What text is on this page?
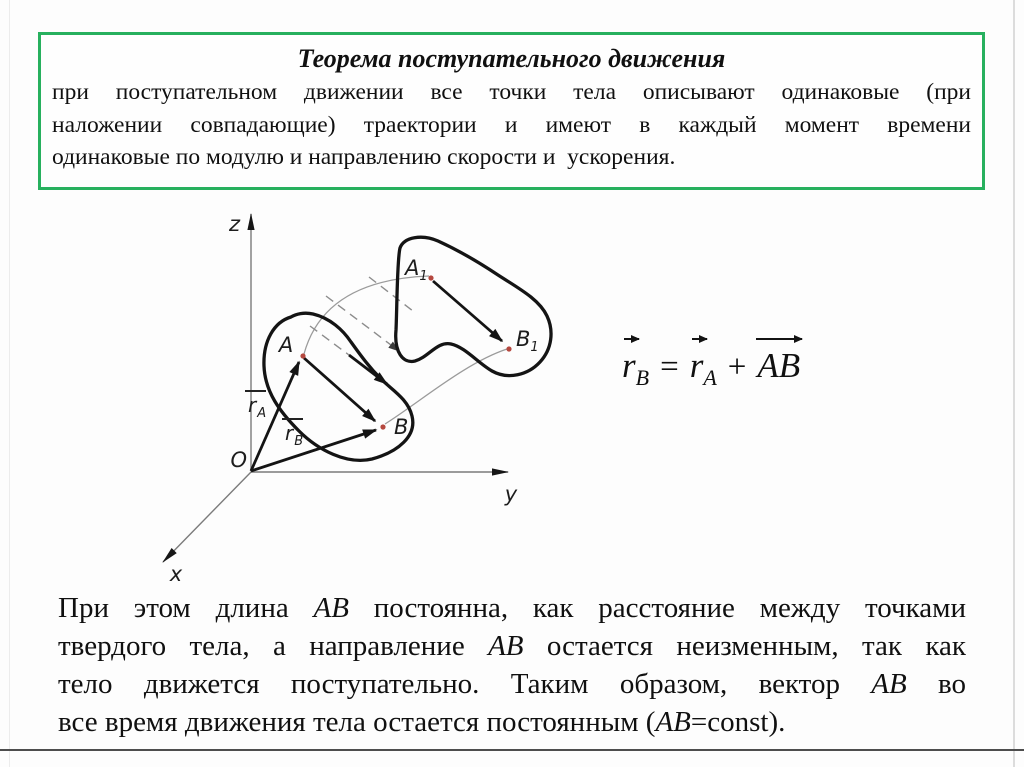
Теорема поступательного движения
при поступательном движении все точки тела описывают одинаковые (при
наложении совпадающие) траектории и имеют в каждый момент времени
одинаковые по модулю и направлению скорости и  ускорения.
z
y
x
O
A
B
$A_1$
$B_1$
$r_A$
$r_B$
$r_B = r_A$ + AB
При этом длина AB постоянна, как расстояние между точками
твердого тела, а направление AB остается неизменным, так как
тело движется поступательно. Таким образом, вектор AB во
все время движения тела остается постоянным (AB=const).
